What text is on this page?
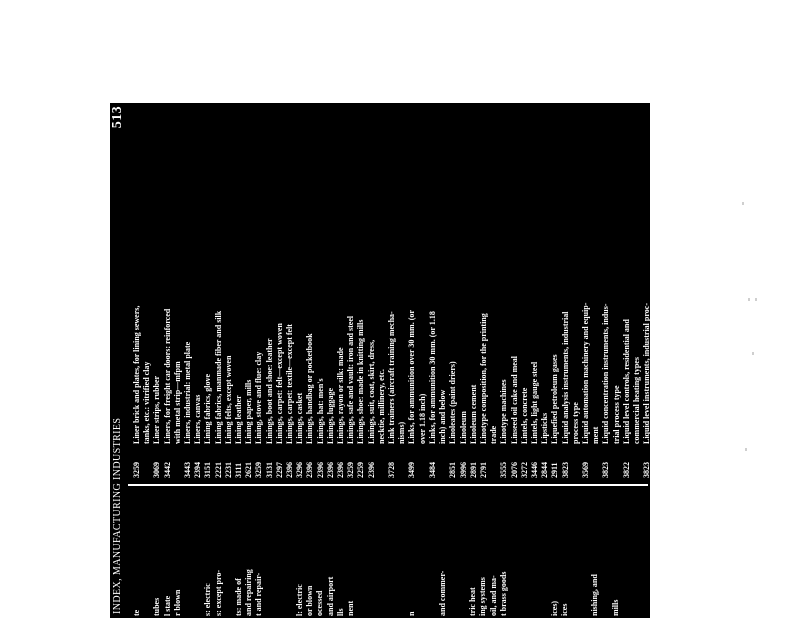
INDEX, MANUFACTURING INDUSTRIES
513
te tubes l state r blown	s: electric s: except pro- ts: made of and repairing t and repair-	l: electric or blown ocessed and airport lls nent	n	and commer-	tric heat ing systems oil, and ma- t brass goods	ices) ices	nishing, and mills
3259
Liner brick and plates, for lining sewers, tanks, etc.: vitrified clay
3069
Liner strips, rubber
3442
Liners, for freight car doors: reinforced with metal strip—mfpm
3443
Liners, industrial: metal plate
2394
Liners, canvas
3151
Lining fabrics, glove
2221
Lining fabrics, manmade fiber and silk
2231
Lining felts, except woven
3111
Lining leather
2621
Lining paper, mills
3259
Lining, stove and flue: clay
3131
Linings, boot and shoe: leather
2297
Linings, carpet: felt—except woven
2396
Linings, carpet: textile—except felt
3296
Linings, casket
2396
Linings, handbag or pocketbook
2396
Linings, hat: men's
2396
Linings, luggage
2396
Linings, rayon or silk: made
3259
Linings, safe and vault: iron and steel
2259
Linings, shoe: made in knitting mills
2396
Linings, suit, coat, skirt, dress, necktie, millinery, etc.
3728
Link trainers (aircraft training mecha- nisms)
3499
Links, for ammunition over 30 mm. (or over 1.18 inch)
3484
Links, for ammunition 30 mm. (or 1.18 inch) and below
2851
Linoleates (paint driers)
3996
Linoleum
2891
Linoleum cement
2791
Linotype composition, for the printing trade
3555
Linotype machines
2076
Linseed oil cake and meal
3272
Lintels, concrete
3446
Lintels, light gauge steel
2844
Lipsticks
2911
Liquefied petroleum gases
3823
Liquid analysis instruments, industrial process type
3569
Liquid automation machinery and equip- ment
3823
Liquid concentration instruments, indus- trial process type
3822
Liquid level controls, residential and commercial heating types
3823
Liquid level instruments, industrial proc- ess type
3443
Liquid oxygen tanks, metal plate
